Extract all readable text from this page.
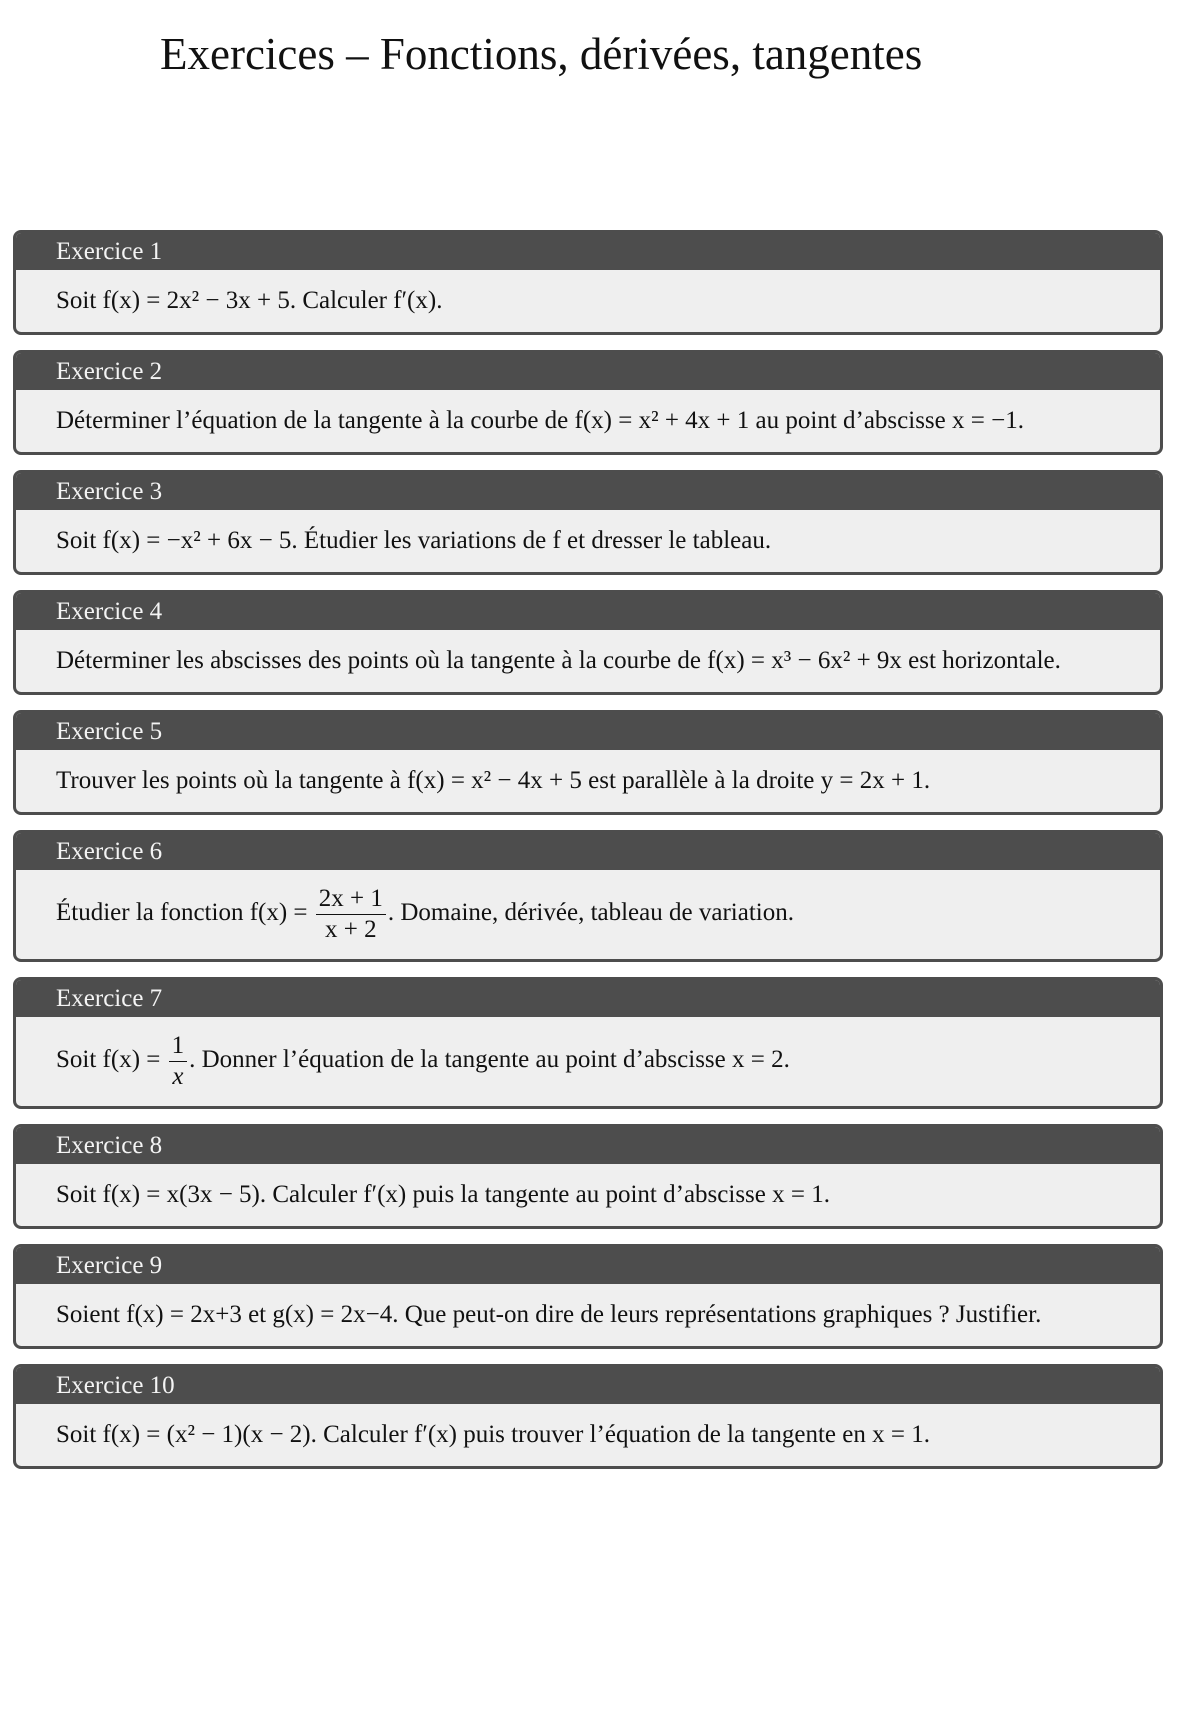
Exercices – Fonctions, dérivées, tangentes
Exercice 1
Soit f(x) = 2x² − 3x + 5. Calculer f′(x).
Exercice 2
Déterminer l’équation de la tangente à la courbe de f(x) = x² + 4x + 1 au point d’abscisse x = −1.
Exercice 3
Soit f(x) = −x² + 6x − 5. Étudier les variations de f et dresser le tableau.
Exercice 4
Déterminer les abscisses des points où la tangente à la courbe de f(x) = x³ − 6x² + 9x est horizontale.
Exercice 5
Trouver les points où la tangente à f(x) = x² − 4x + 5 est parallèle à la droite y = 2x + 1.
Exercice 6
Étudier la fonction $f(x) = \frac{2x + 1}{x + 2}$ . Domaine, dérivée, tableau de variation.
Exercice 7
Soit $f(x) = \frac{1}{x}$ . Donner l’équation de la tangente au point d’abscisse x = 2.
Exercice 8
Soit f(x) = x(3x − 5). Calculer f′(x) puis la tangente au point d’abscisse x = 1.
Exercice 9
Soient f(x) = 2x+3 et g(x) = 2x−4. Que peut-on dire de leurs représentations graphiques ? Justifier.
Exercice 10
Soit f(x) = (x² − 1)(x − 2). Calculer f′(x) puis trouver l’équation de la tangente en x = 1.
